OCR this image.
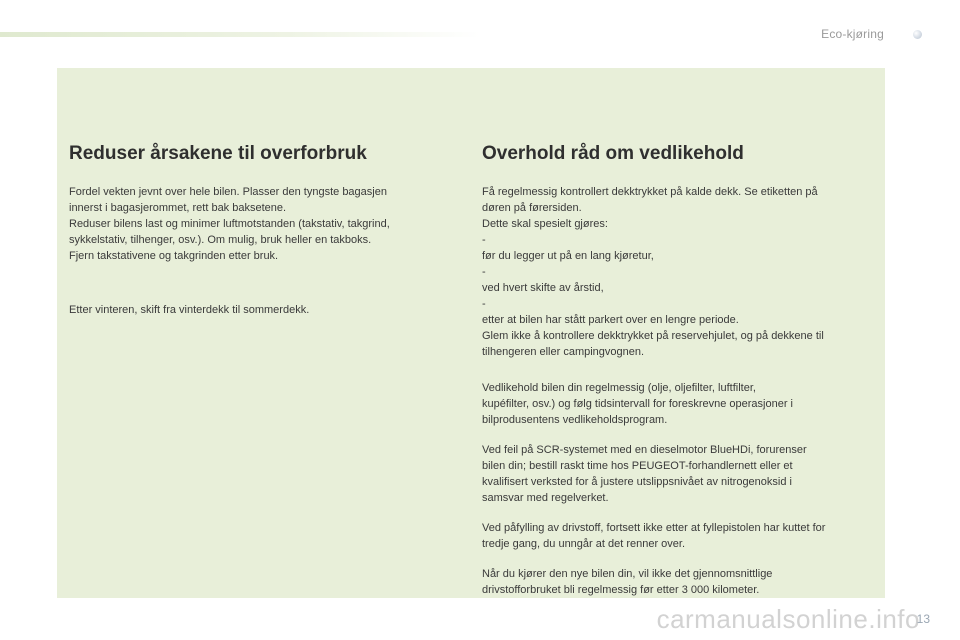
Eco-kjøring
Reduser årsakene til overforbruk

Fordel vekten jevnt over hele bilen. Plasser den tyngste bagasjen
innerst i bagasjerommet, rett bak baksetene.
Reduser bilens last og minimer luftmotstanden (takstativ, takgrind,
sykkelstativ, tilhenger, osv.). Om mulig, bruk heller en takboks.
Fjern takstativene og takgrinden etter bruk.

Etter vinteren, skift fra vinterdekk til sommerdekk.

Overhold råd om vedlikehold

Få regelmessig kontrollert dekktrykket på kalde dekk. Se etiketten på
døren på førersiden.
Dette skal spesielt gjøres:
-
før du legger ut på en lang kjøretur,
-
ved hvert skifte av årstid,
-
etter at bilen har stått parkert over en lengre periode.
Glem ikke å kontrollere dekktrykket på reservehjulet, og på dekkene til
tilhengeren eller campingvognen.

Vedlikehold bilen din regelmessig (olje, oljefilter, luftfilter,
kupéfilter, osv.) og følg tidsintervall for foreskrevne operasjoner i
bilprodusentens vedlikeholdsprogram.

Ved feil på SCR-systemet med en dieselmotor BlueHDi, forurenser
bilen din; bestill raskt time hos PEUGEOT-forhandlernett eller et
kvalifisert verksted for å justere utslippsnivået av nitrogenoksid i
samsvar med regelverket.

Ved påfylling av drivstoff, fortsett ikke etter at fyllepistolen har kuttet for
tredje gang, du unngår at det renner over.

Når du kjører den nye bilen din, vil ikke det gjennomsnittlige
drivstofforbruket bli regelmessig før etter 3 000 kilometer.

carmanualsonline.info
13
